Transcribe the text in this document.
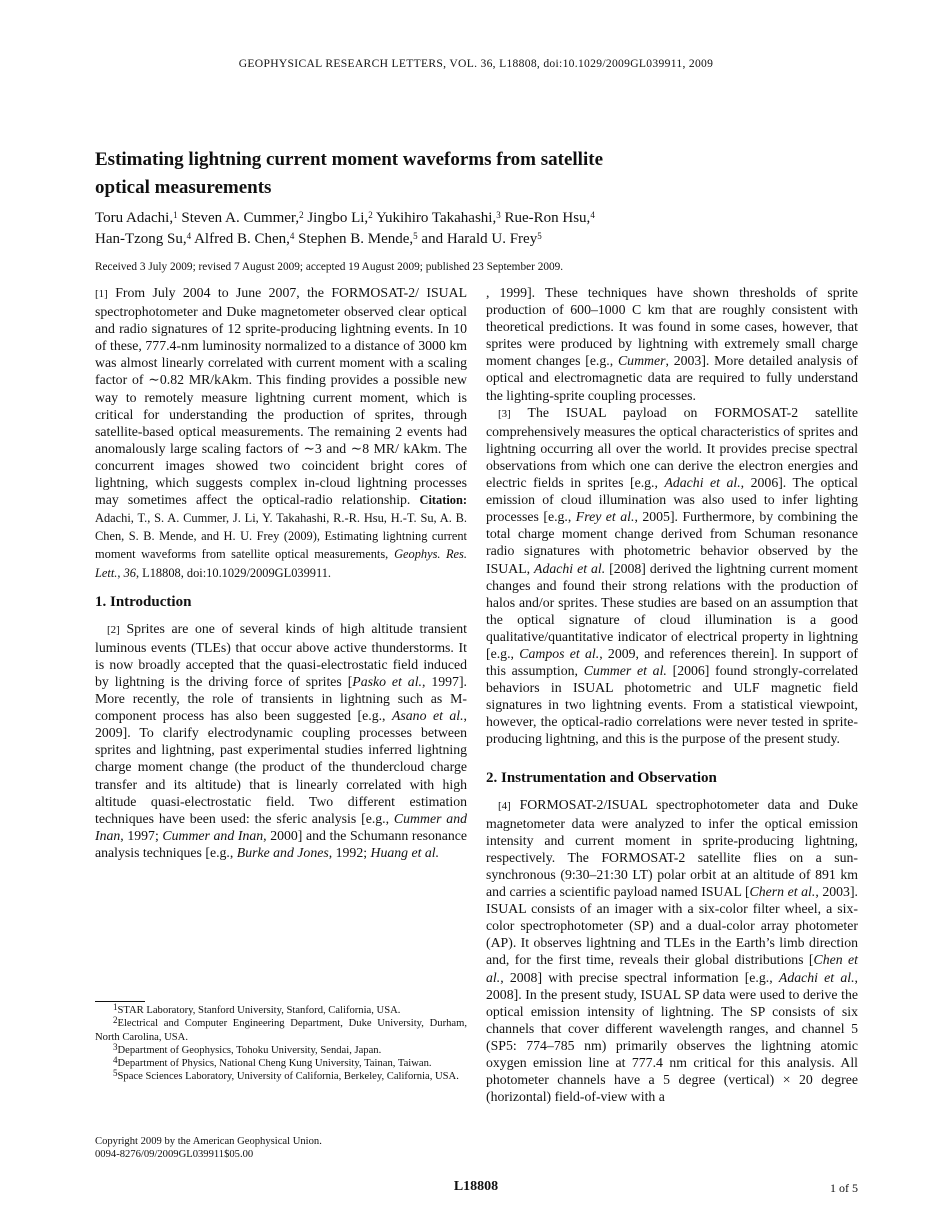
GEOPHYSICAL RESEARCH LETTERS, VOL. 36, L18808, doi:10.1029/2009GL039911, 2009
Estimating lightning current moment waveforms from satellite
optical measurements
Toru Adachi,$^1$ Steven A. Cummer,$^2$ Jingbo Li,$^2$ Yukihiro Takahashi,$^3$ Rue-Ron Hsu,$^4$
Han-Tzong Su,$^4$ Alfred B. Chen,$^4$ Stephen B. Mende,$^5$ and Harald U. Frey$^5$
Received 3 July 2009; revised 7 August 2009; accepted 19 August 2009; published 23 September 2009.

[1] From July 2004 to June 2007, the FORMOSAT-2/ ISUAL spectrophotometer and Duke magnetometer observed clear optical and radio signatures of 12 sprite-producing lightning events. In 10 of these, 777.4-nm luminosity normalized to a distance of 3000 km was almost linearly correlated with current moment with a scaling factor of ∼0.82 MR/kAkm. This finding provides a possible new way to remotely measure lightning current moment, which is critical for understanding the production of sprites, through satellite-based optical measurements. The remaining 2 events had anomalously large scaling factors of ∼3 and ∼8 MR/ kAkm. The concurrent images showed two coincident bright cores of lightning, which suggests complex in-cloud lightning processes may sometimes affect the optical-radio relationship. Citation: Adachi, T., S. A. Cummer, J. Li, Y. Takahashi, R.-R. Hsu, H.-T. Su, A. B. Chen, S. B. Mende, and H. U. Frey (2009), Estimating lightning current moment waveforms from satellite optical measurements, Geophys. Res. Lett., 36, L18808, doi:10.1029/2009GL039911.

1. Introduction

[2] Sprites are one of several kinds of high altitude transient luminous events (TLEs) that occur above active thunderstorms. It is now broadly accepted that the quasi-electrostatic field induced by lightning is the driving force of sprites [Pasko et al., 1997]. More recently, the role of transients in lightning such as M-component process has also been suggested [e.g., Asano et al., 2009]. To clarify electrodynamic coupling processes between sprites and lightning, past experimental studies inferred lightning charge moment change (the product of the thundercloud charge transfer and its altitude) that is linearly correlated with high altitude quasi-electrostatic field. Two different estimation techniques have been used: the sferic analysis [e.g., Cummer and Inan, 1997; Cummer and Inan, 2000] and the Schumann resonance analysis techniques [e.g., Burke and Jones, 1992; Huang et al.

, 1999]. These techniques have shown thresholds of sprite production of 600–1000 C km that are roughly consistent with theoretical predictions. It was found in some cases, however, that sprites were produced by lightning with extremely small charge moment changes [e.g., Cummer, 2003]. More detailed analysis of optical and electromagnetic data are required to fully understand the lighting-sprite coupling processes.

[3] The ISUAL payload on FORMOSAT-2 satellite comprehensively measures the optical characteristics of sprites and lightning occurring all over the world. It provides precise spectral observations from which one can derive the electron energies and electric fields in sprites [e.g., Adachi et al., 2006]. The optical emission of cloud illumination was also used to infer lighting processes [e.g., Frey et al., 2005]. Furthermore, by combining the total charge moment change derived from Schuman resonance radio signatures with photometric behavior observed by the ISUAL, Adachi et al. [2008] derived the lightning current moment changes and found their strong relations with the production of halos and/or sprites. These studies are based on an assumption that the optical signature of cloud illumination is a good qualitative/quantitative indicator of electrical property in lightning [e.g., Campos et al., 2009, and references therein]. In support of this assumption, Cummer et al. [2006] found strongly-correlated behaviors in ISUAL photometric and ULF magnetic field signatures in two lightning events. From a statistical viewpoint, however, the optical-radio correlations were never tested in sprite-producing lightning, and this is the purpose of the present study.

2. Instrumentation and Observation

[4] FORMOSAT-2/ISUAL spectrophotometer data and Duke magnetometer data were analyzed to infer the optical emission intensity and current moment in sprite-producing lightning, respectively. The FORMOSAT-2 satellite flies on a sun-synchronous (9:30–21:30 LT) polar orbit at an altitude of 891 km and carries a scientific payload named ISUAL [Chern et al., 2003]. ISUAL consists of an imager with a six-color filter wheel, a six-color spectrophotometer (SP) and a dual-color array photometer (AP). It observes lightning and TLEs in the Earth’s limb direction and, for the first time, reveals their global distributions [Chen et al., 2008] with precise spectral information [e.g., Adachi et al., 2008]. In the present study, ISUAL SP data were used to derive the optical emission intensity of lightning. The SP consists of six channels that cover different wavelength ranges, and channel 5 (SP5: 774–785 nm) primarily observes the lightning atomic oxygen emission line at 777.4 nm critical for this analysis. All photometer channels have a 5 degree (vertical) × 20 degree (horizontal) field-of-view with a

$^1$STAR Laboratory, Stanford University, Stanford, California, USA.
$^2$Electrical and Computer Engineering Department, Duke University, Durham, North Carolina, USA.
$^3$Department of Geophysics, Tohoku University, Sendai, Japan.
$^4$Department of Physics, National Cheng Kung University, Tainan, Taiwan.
$^5$Space Sciences Laboratory, University of California, Berkeley, California, USA.
Copyright 2009 by the American Geophysical Union.
0094-8276/09/2009GL039911$05.00
L18808	1 of 5
